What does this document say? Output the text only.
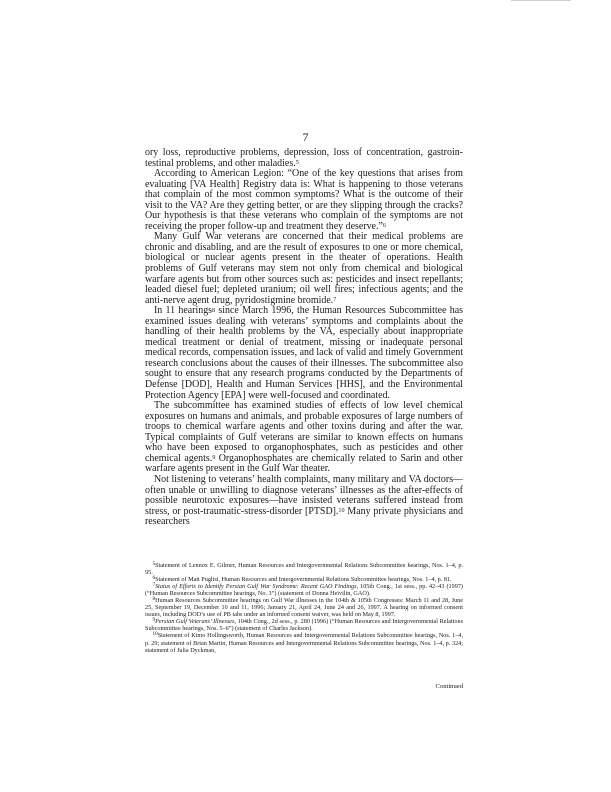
7

ory loss, reproductive problems, depression, loss of concentration, gastroin-testinal problems, and other maladies.$^5$

According to American Legion: “One of the key questions that arises from evaluating [VA Health] Registry data is: What is happening to those veterans that complain of the most common symptoms? What is the outcome of their visit to the VA? Are they getting better, or are they slipping through the cracks? Our hypothesis is that these veterans who complain of the symptoms are not receiving the proper follow-up and treatment they deserve.”$^6$

Many Gulf War veterans are concerned that their medical problems are chronic and disabling, and are the result of exposures to one or more chemical, biological or nuclear agents present in the theater of operations. Health problems of Gulf veterans may stem not only from chemical and biological warfare agents but from other sources such as: pesticides and insect repellants; leaded diesel fuel; depleted uranium; oil well fires; infectious agents; and the anti-nerve agent drug, pyridostigmine bromide.$^7$

In 11 hearings$^8$ since March 1996, the Human Resources Subcommittee has examined issues dealing with veterans’ symptoms and complaints about the handling of their health problems by the VA, especially about inappropriate medical treatment or denial of treatment, missing or inadequate personal medical records, compensation issues, and lack of valid and timely Government research conclusions about the causes of their illnesses. The subcommittee also sought to ensure that any research programs conducted by the Departments of Defense [DOD], Health and Human Services [HHS], and the Environmental Protection Agency [EPA] were well-focused and coordinated.

The subcommittee has examined studies of effects of low level chemical exposures on humans and animals, and probable exposures of large numbers of troops to chemical warfare agents and other toxins during and after the war. Typical complaints of Gulf veterans are similar to known effects on humans who have been exposed to organophosphates, such as pesticides and other chemical agents.$^9$ Organophosphates are chemically related to Sarin and other warfare agents present in the Gulf War theater.

Not listening to veterans’ health complaints, many military and VA doctors—often unable or unwilling to diagnose veterans’ illnesses as the after-effects of possible neurotoxic exposures—have insisted veterans suffered instead from stress, or post-traumatic-stress-disorder [PTSD].$^{10}$ Many private physicians and researchers

$^5$Statement of Lennox E. Gilmer, Human Resources and Intergovernmental Relations Subcommittee hearings, Nos. 1–4, p. 95.

$^6$Statement of Matt Puglisi, Human Resources and Intergovernmental Relations Subcommittee hearings, Nos. 1–4, p. 81.

$^7$Status of Efforts to Identify Persian Gulf War Syndrome: Recent GAO Findings, 105th Cong., 1st sess., pp. 42–43 (1997) (“Human Resources Subcommittee hearings, No. 3”) (statement of Donna Heivilin, GAO).

$^8$Human Resources Subcommittee hearings on Gulf War illnesses in the 104th & 105th Congresses: March 11 and 28, June 25, September 19, December 10 and 11, 1996; January 21, April 24, June 24 and 26, 1997. A hearing on informed consent issues, including DOD’s use of PB tabs under an informed consent waiver, was held on May 8, 1997.

$^9$Persian Gulf Veterans’ Illnesses, 104th Cong., 2d sess., p. 280 (1996) (“Human Resources and Intergovernmental Relations Subcommittee hearings, Nos. 5–6”) (statement of Charles Jackson).

$^{10}$Statement of Kimo Hollingsworth, Human Resources and Intergovernmental Relations Subcommittee hearings, Nos. 1–4, p. 29; statement of Brian Martin, Human Resources and Intergovernmental Relations Subcommittee hearings, Nos. 1–4, p. 324; statement of Julia Dyckman,

Continued
